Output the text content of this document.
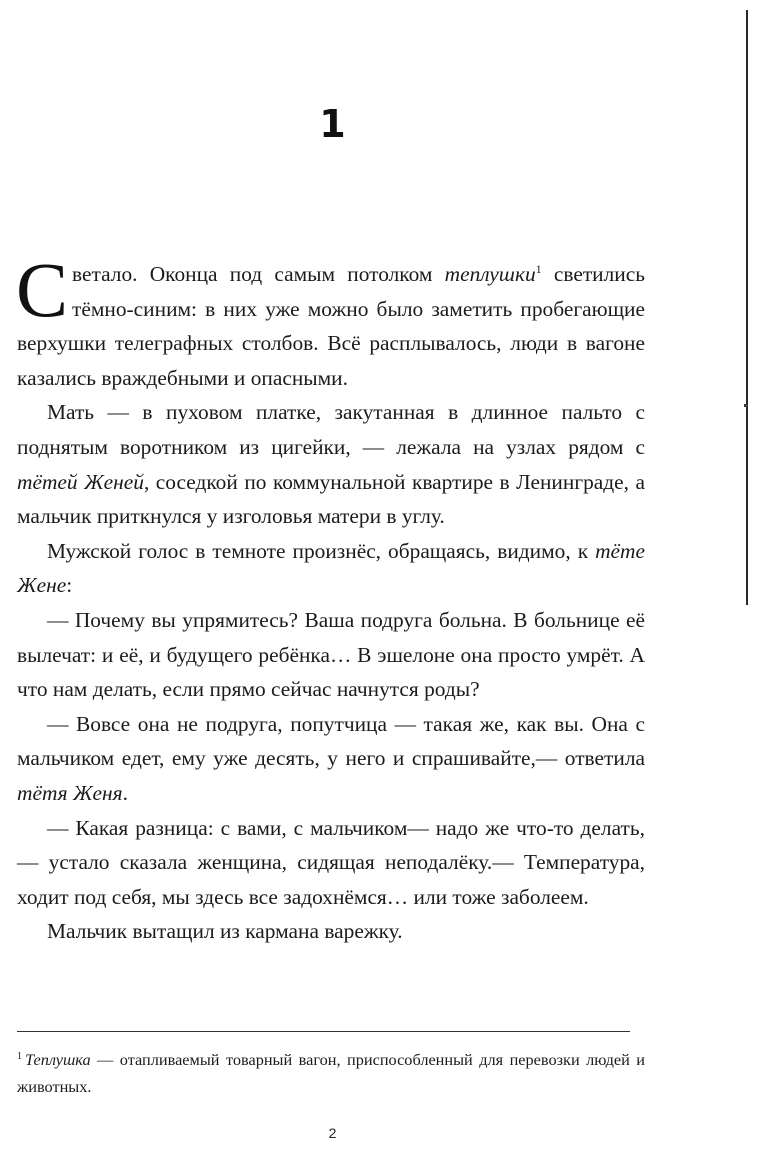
1

Светало. Оконца под самым потолком теплушки$^1$ светились тёмно-синим: в них уже можно было заметить пробегающие верхушки телеграфных столбов. Всё расплывалось, люди в вагоне казались враждебными и опасными.

Мать — в пуховом платке, закутанная в длинное пальто с поднятым воротником из цигейки, — лежала на узлах рядом с тётей Женей, соседкой по коммунальной квартире в Ленинграде, а мальчик приткнулся у изголовья матери в углу.

Мужской голос в темноте произнёс, обращаясь, видимо, к тёте Жене:

— Почему вы упрямитесь? Ваша подруга больна. В больнице её вылечат: и её, и будущего ребёнка… В эшелоне она просто умрёт. А что нам делать, если прямо сейчас начнутся роды?

— Вовсе она не подруга, попутчица — такая же, как вы. Она с мальчиком едет, ему уже десять, у него и спрашивайте,— ответила тётя Женя.

— Какая разница: с вами, с мальчиком— надо же что-то делать,— устало сказала женщина, сидящая неподалёку.— Температура, ходит под себя, мы здесь все задохнёмся… или тоже заболеем.

Мальчик вытащил из кармана варежку.

$^1$ Теплушка — отапливаемый товарный вагон, приспособленный для перевозки людей и животных.
2
